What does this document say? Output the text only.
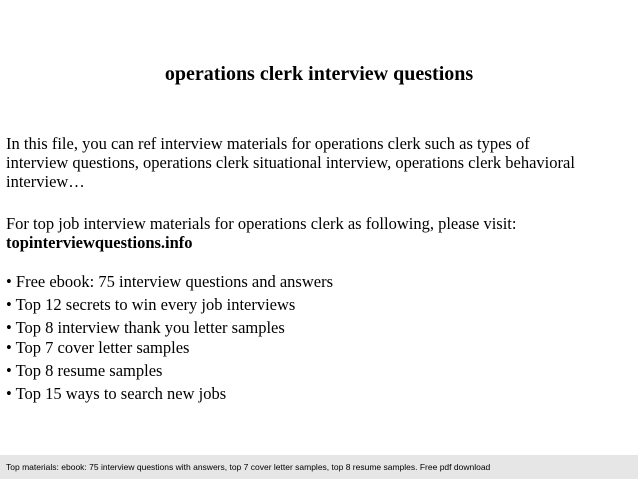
operations clerk interview questions
In this file, you can ref interview materials for operations clerk such as types of
interview questions, operations clerk situational interview, operations clerk behavioral
interview…
For top job interview materials for operations clerk as following, please visit:
topinterviewquestions.info
• Free ebook: 75 interview questions and answers
• Top 12 secrets to win every job interviews
• Top 8 interview thank you letter samples
• Top 7 cover letter samples
• Top 8 resume samples
• Top 15 ways to search new jobs
Top materials: ebook: 75 interview questions with answers, top 7 cover letter samples, top 8 resume samples. Free pdf download
